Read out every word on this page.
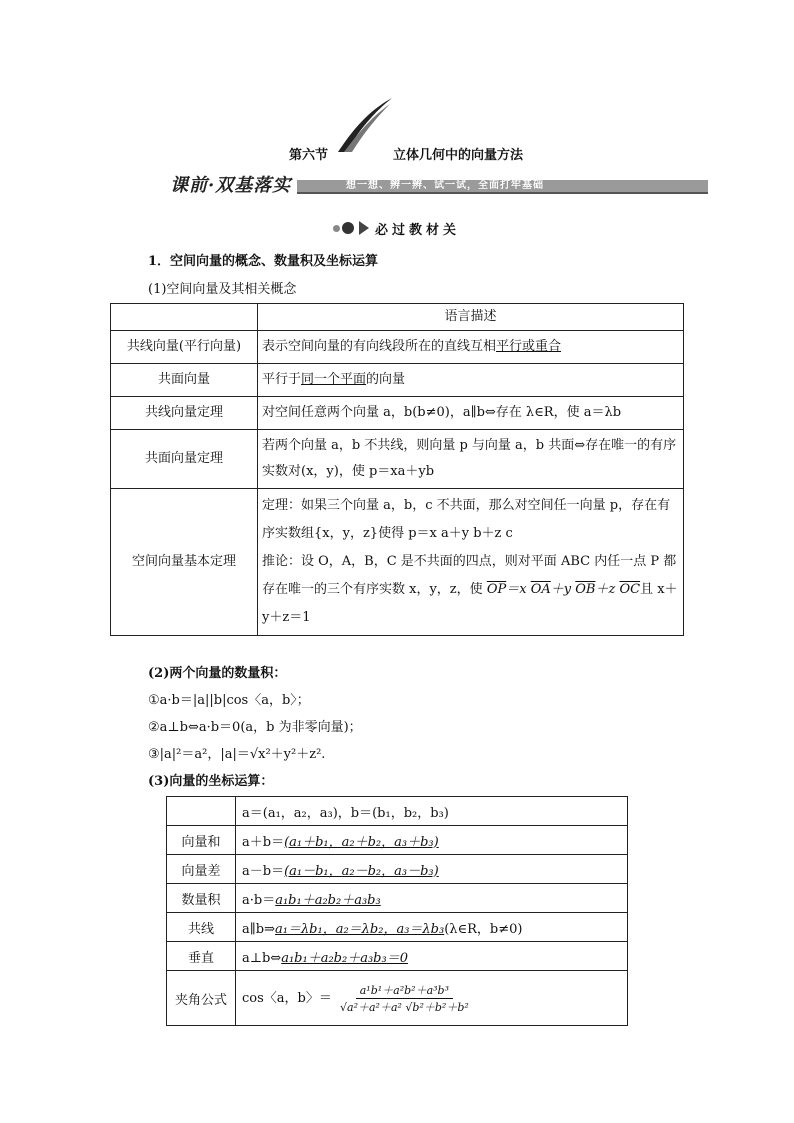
第六节	立体几何中的向量方法
课前·双基落实	想一想、辨一辨、试一试，全面打牢基础
必过教材关
1．空间向量的概念、数量积及坐标运算
(1)空间向量及其相关概念
	语言描述
共线向量(平行向量)	表示空间向量的有向线段所在的直线互相平行或重合
共面向量	平行于同一个平面的向量
共线向量定理	对空间任意两个向量 a，b(b≠0)，a∥b⇔存在 λ∈R，使 a＝λb
共面向量定理	若两个向量 a，b 不共线，则向量 p 与向量 a，b 共面⇔存在唯一的有序实数对(x，y)，使 p＝xa＋yb
空间向量基本定理	定理：如果三个向量 a，b，c 不共面，那么对空间任一向量 p，存在有序实数组{x，y，z}使得 p＝x a＋y b＋z c
推论：设 O，A，B，C 是不共面的四点，则对平面 ABC 内任一点 P 都存在唯一的三个有序实数 x，y，z，使 $\overline{OP}=x$ $\overline{OA}+y$ $\overline{OB}+z$ $\overline{OC}$且 x＋y＋z＝1
(2)两个向量的数量积：
①a·b＝|a||b|cos〈a，b〉；
②a⊥b⇔a·b＝0(a，b 为非零向量)；
③|a|²＝a²，|a|＝√x²＋y²＋z².
(3)向量的坐标运算：
	a＝(a₁，a₂，a₃)，b＝(b₁，b₂，b₃)
向量和	a＋b＝(a₁＋b₁，a₂＋b₂，a₃＋b₃)
向量差	a－b＝(a₁－b₁，a₂－b₂，a₃－b₃)
数量积	a·b＝a₁b₁＋a₂b₂＋a₃b₃
共线	a∥b⇒a₁＝λb₁，a₂＝λb₂，a₃＝λb₃(λ∈R，b≠0)
垂直	a⊥b⇔a₁b₁＋a₂b₂＋a₃b₃＝0
夹角公式	cos〈a，b〉＝ $\frac{\text{a¹b¹＋a²b²＋a³b³}}{\text{√a²＋a²＋a² √b²＋b²＋b²}}$
